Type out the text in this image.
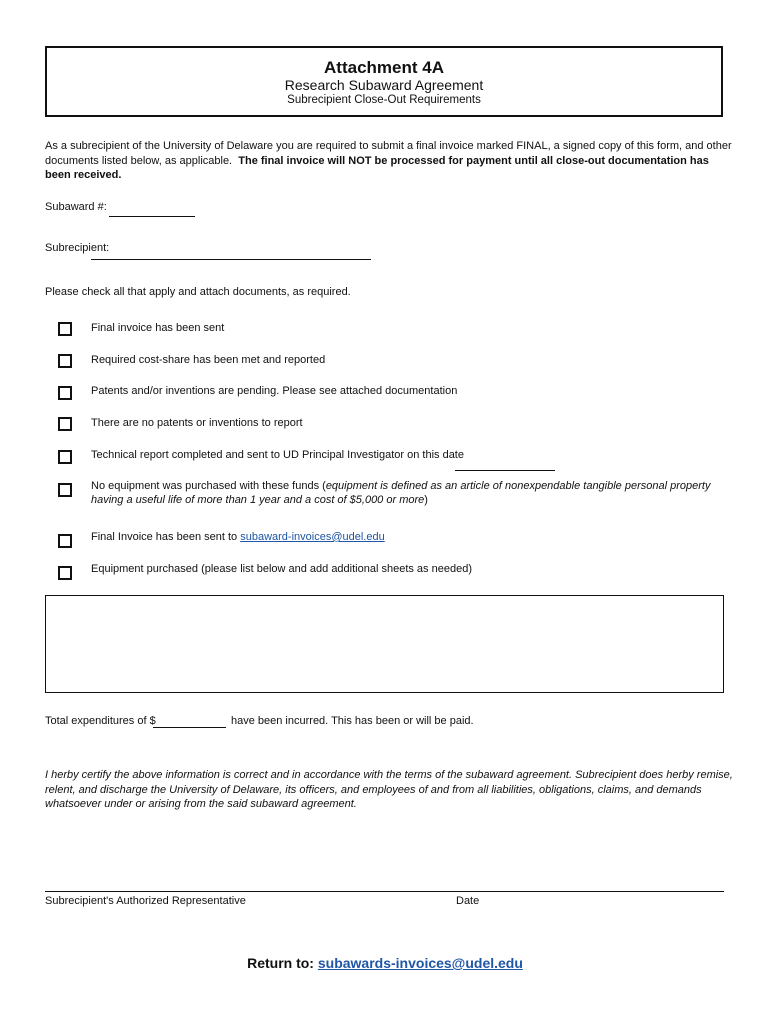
Attachment 4A
Research Subaward Agreement
Subrecipient Close-Out Requirements
As a subrecipient of the University of Delaware you are required to submit a final invoice marked FINAL, a signed copy of this form, and other documents listed below, as applicable. The final invoice will NOT be processed for payment until all close-out documentation has been received.
Subaward #:
Subrecipient:
Please check all that apply and attach documents, as required.
Final invoice has been sent
Required cost-share has been met and reported
Patents and/or inventions are pending. Please see attached documentation
There are no patents or inventions to report
Technical report completed and sent to UD Principal Investigator on this date
No equipment was purchased with these funds (equipment is defined as an article of nonexpendable tangible personal property having a useful life of more than 1 year and a cost of $5,000 or more)
Final Invoice has been sent to subaward-invoices@udel.edu
Equipment purchased (please list below and add additional sheets as needed)
Total expenditures of $	have been incurred. This has been or will be paid.
I herby certify the above information is correct and in accordance with the terms of the subaward agreement. Subrecipient does herby remise, relent, and discharge the University of Delaware, its officers, and employees of and from all liabilities, obligations, claims, and demands whatsoever under or arising from the said subaward agreement.
Subrecipient's Authorized Representative	Date
Return to: subawards-invoices@udel.edu
